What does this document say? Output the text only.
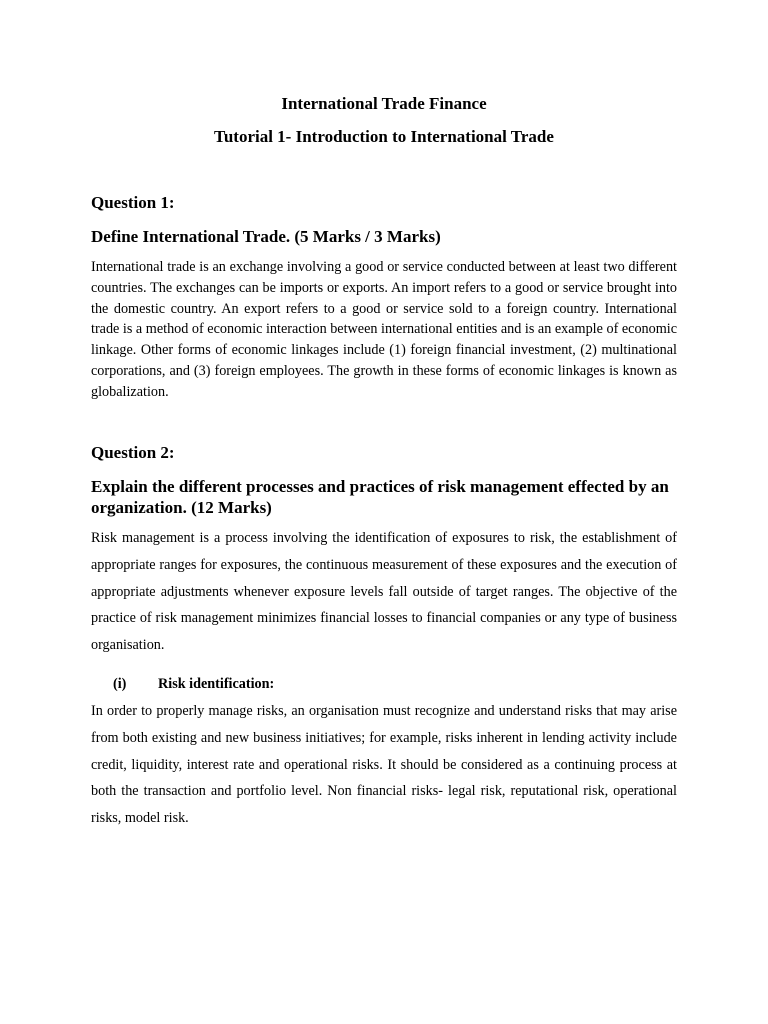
International Trade Finance
Tutorial 1- Introduction to International Trade
Question 1:
Define International Trade. (5 Marks / 3 Marks)

International trade is an exchange involving a good or service conducted between at least two different countries. The exchanges can be imports or exports. An import refers to a good or service brought into the domestic country. An export refers to a good or service sold to a foreign country. International trade is a method of economic interaction between international entities and is an example of economic linkage. Other forms of economic linkages include (1) foreign financial investment, (2) multinational corporations, and (3) foreign employees. The growth in these forms of economic linkages is known as globalization.

Question 2:
Explain the different processes and practices of risk management effected by an organization. (12 Marks)

Risk management is a process involving the identification of exposures to risk, the establishment of appropriate ranges for exposures, the continuous measurement of these exposures and the execution of appropriate adjustments whenever exposure levels fall outside of target ranges. The objective of the practice of risk management minimizes financial losses to financial companies or any type of business organisation.

(i) Risk identification:

In order to properly manage risks, an organisation must recognize and understand risks that may arise from both existing and new business initiatives; for example, risks inherent in lending activity include credit, liquidity, interest rate and operational risks. It should be considered as a continuing process at both the transaction and portfolio level. Non financial risks- legal risk, reputational risk, operational risks, model risk.
